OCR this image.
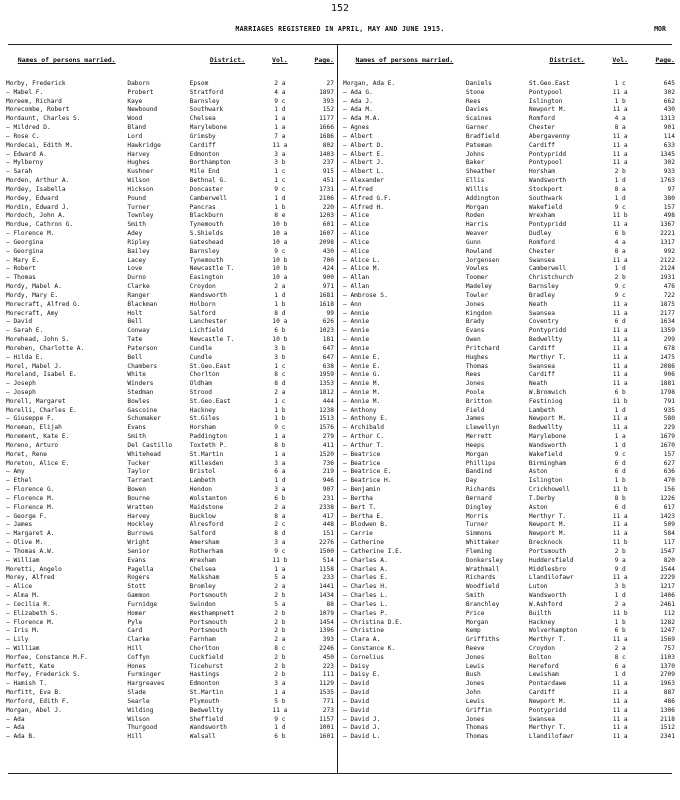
152
MARRIAGES REGISTERED IN APRIL, MAY AND JUNE 1915.	MOR
Names of persons married.	District.	Vol.	Page.
Morby, Frederick	Daborn	Epsom	2 a	27
— Mabel F.	Probert	Stratford	4 a	1897
Moreem, Richard	Kaye	Barnsley	9 c	393
Morecombe, Robert	Newbound	Southwark	1 d	152
Mordaunt, Charles S.	Wood	Chelsea	1 a	1177
— Mildred D.	Bland	Marylebone	1 a	1666
— Rose C.	Lord	Grimsby	7 a	1686
Mordecai, Edith M.	Hawkridge	Cardiff	11 a	802
— Edward A.	Harvey	Edmonton	3 a	1403
— Mylberny	Hughes	Borthampton	3 b	237
— Sarah	Kushner	Mile End	1 c	915
Morden, Arthur A.	Wilson	Bethnal G.	1 c	451
Mordey, Isabella	Hickson	Doncaster	9 c	1731
Mordey, Edward	Pound	Camberwell	1 d	2106
Mordin, Edward J.	Turner	Pancras	1 b	220
Mordoch, John A.	Townley	Blackburn	8 e	1203
Mordue, Cathron G.	Smith	Tynemouth	10 b	601
— Florence M.	Adey	S.Shields	10 a	1607
— Georgina	Ripley	Gateshead	10 a	2098
— Georgina	Bailey	Barnsley	9 c	430
— Mary E.	Lacey	Tynemouth	10 b	700
— Robert	Love	Newcastle T.	10 b	424
— Thomas	Durno	Easington	10 a	900
Mordy, Mabel A.	Clarke	Croydon	2 a	971
Mordy, Mary E.	Ranger	Wandsworth	1 d	1681
Morecraft, Alfred G.	Blackman	Holborn	1 b	1618
Morecraft, Amy	Holt	Salford	8 d	99
— David	Bell	Lanchester	10 a	626
— Sarah E.	Conway	Lichfield	6 b	1023
Morehead, John S.	Tate	Newcastle T.	10 b	181
Morehen, Charlotte A.	Paterson	Cundle	3 b	647
— Hilda E.	Bell	Cundle	3 b	647
Morel, Mabel J.	Chambers	St.Geo.East	1 c	638
Moreland, Isabel E.	White	Chorlton	8 c	1959
— Joseph	Winders	Oldham	8 d	1353
— Joseph	Stedman	Strood	2 a	1812
Morell, Margaret	Bowles	St.Geo.East	1 c	444
Morelli, Charles E.	Gascoine	Hackney	1 b	1238
— Giuseppe F.	Schumaker	St.Giles	1 b	1513
Moreman, Elijah	Evans	Horsham	9 c	1576
Morement, Kate E.	Smith	Paddington	1 a	279
Moreno, Arturo	Del Castillo	Toxteth P.	8 b	411
Moret, Rene	Whitehead	St.Martin	1 a	1520
Moreton, Alice E.	Tucker	Willesden	3 a	736
— Amy	Taylor	Bristol	6 a	219
— Ethel	Tarrant	Lambeth	1 d	946
— Florence G.	Bowen	Hendon	3 a	907
— Florence M.	Bourne	Wolstanton	6 b	231
— Florence M.	Wratten	Maidstone	2 a	2338
— George F.	Harvey	Bucklow	8 a	417
— James	Hockley	Alresford	2 c	448
— Margaret A.	Burrows	Salford	8 d	151
— Olive M.	Wright	Amersham	3 a	2276
— Thomas A.W.	Senior	Rotherham	9 c	1500
— William	Evans	Wrexham	11 b	514
Moretti, Angelo	Pagella	Chelsea	1 a	1158
Morey, Alfred	Rogers	Melksham	5 a	233
— Alice	Stott	Bromley	2 a	1441
— Alma M.	Gammon	Portsmouth	2 b	1434
— Cecilia R.	Furnidge	Swindon	5 a	88
— Elizabeth S.	Homer	Westhampnett	2 b	1079
— Florence M.	Pyle	Portsmouth	2 b	1454
— Iris M.	Card	Portsmouth	2 b	1396
— Lily	Clarke	Farnham	2 a	393
— William	Hill	Chorlton	8 c	2246
Morfee, Constance M.F.	Coffyn	Cuckfield	2 b	450
Morfett, Kate	Hones	Ticehurst	2 b	223
Morfey, Frederick S.	Furminger	Hastings	2 b	111
— Hamish T.	Hargreaves	Edmonton	3 a	1129
Morfitt, Eva B.	Slade	St.Martin	1 a	1535
Morford, Edith F.	Searle	Plymouth	5 b	771
Morgan, Abel J.	Wilding	Bedwellty	11 a	273
— Ada	Wilson	Sheffield	9 c	1157
— Ada	Thurgood	Wandsworth	1 d	1001
— Ada B.	Hill	Walsall	6 b	1601
Names of persons married.	District.	Vol.	Page.
Morgan, Ada E.	Daniels	St.Geo.East	1 c	645
— Ada G.	Stone	Pontypool	11 a	302
— Ada J.	Rees	Islington	1 b	662
— Ada M.	Davies	Newport M.	11 a	430
— Ada M.A.	Scaines	Romford	4 a	1313
— Agnes	Garner	Chester	8 a	901
— Albert	Bradfield	Abergavenny	11 a	114
— Albert D.	Pateman	Cardiff	11 a	633
— Albert E.	Johns	Pontypridd	11 a	1345
— Albert J.	Baker	Pontypool	11 a	302
— Albert L.	Sheather	Horsham	2 b	933
— Alexander	Ellis	Wandsworth	1 d	1763
— Alfred	Willis	Stockport	8 a	97
— Alfred G.F.	Addington	Southwark	1 d	380
— Alfred H.	Morgan	Wakefield	9 c	157
— Alice	Roden	Wrexham	11 b	498
— Alice	Harris	Pontypridd	11 a	1367
— Alice	Weaver	Dudley	6 b	2221
— Alice	Gunn	Romford	4 a	1317
— Alice	Rowland	Chester	8 a	992
— Alice L.	Jorgensen	Swansea	11 a	2122
— Alice M.	Vowles	Camberwell	1 d	2124
— Allan	Toomer	Christchurch	2 b	1931
— Allan	Madeley	Barnsley	9 c	476
— Ambrose S.	Towler	Bradley	9 c	722
— Ann	Jones	Neath	11 a	1875
— Annie	Kingdon	Swansea	11 a	2177
— Annie	Brady	Coventry	6 d	1634
— Annie	Evans	Pontypridd	11 a	1359
— Annie	Owen	Bedwellty	11 a	299
— Annie	Pritchard	Cardiff	11 a	678
— Annie E.	Hughes	Merthyr T.	11 a	1475
— Annie E.	Thomas	Swansea	11 a	2086
— Annie G.	Rees	Cardiff	11 a	906
— Annie M.	Jones	Neath	11 a	1881
— Annie M.	Poole	W.Bromwich	6 b	1798
— Annie M.	Britton	Festiniog	11 b	791
— Anthony	Field	Lambeth	1 d	935
— Anthony E.	James	Newport M.	11 a	580
— Archibald	Llewellyn	Bedwellty	11 a	229
— Arthur C.	Merrett	Marylebone	1 a	1679
— Arthur T.	Heeps	Wandsworth	1 d	1670
— Beatrice	Morgan	Wakefield	9 c	157
— Beatrice	Phillips	Birmingham	6 d	627
— Beatrice E.	Bandind	Aston	6 d	636
— Beatrice H.	Day	Islington	1 b	470
— Benjamin	Richards	Crickhowell	11 b	156
— Bertha	Bernard	T.Derby	8 b	1226
— Bert T.	Dingley	Aston	6 d	617
— Bertha E.	Morris	Merthyr T.	11 a	1423
— Blodwen B.	Turner	Newport M.	11 a	509
— Carrie	Simmons	Newport M.	11 a	584
— Catherine	Whittaker	Brecknock	11 b	117
— Catherine I.E.	Fleming	Portsmouth	2 b	1547
— Charles A.	Donkersley	Huddersfield	9 a	820
— Charles A.	Wrathmall	Middlesbro	9 d	1544
— Charles E.	Richards	Llandilofawr	11 a	2229
— Charles H.	Woodfield	Luton	3 b	1217
— Charles L.	Smith	Wandsworth	1 d	1406
— Charles L.	Branchley	W.Ashford	2 a	2461
— Charles P.	Price	Builth	11 b	112
— Christina D.E.	Morgan	Hackney	1 b	1282
— Christine	Kemp	Wolverhampton	6 b	1247
— Clara A.	Griffiths	Merthyr T.	11 a	1569
— Constance K.	Reeve	Croydon	2 a	757
— Cornelius	Jones	Bolton	8 c	1103
— Daisy	Lewis	Hereford	6 a	1370
— Daisy E.	Bush	Lewisham	1 d	2709
— David	Jones	Pontardawe	11 a	1963
— David	John	Cardiff	11 a	887
— David	Lewis	Newport M.	11 a	486
— David	Griffin	Pontypridd	11 a	1306
— David J.	Jones	Swansea	11 a	2118
— David J.	Thomas	Merthyr T.	11 a	1512
— David L.	Thomas	Llandilofawr	11 a	2341
